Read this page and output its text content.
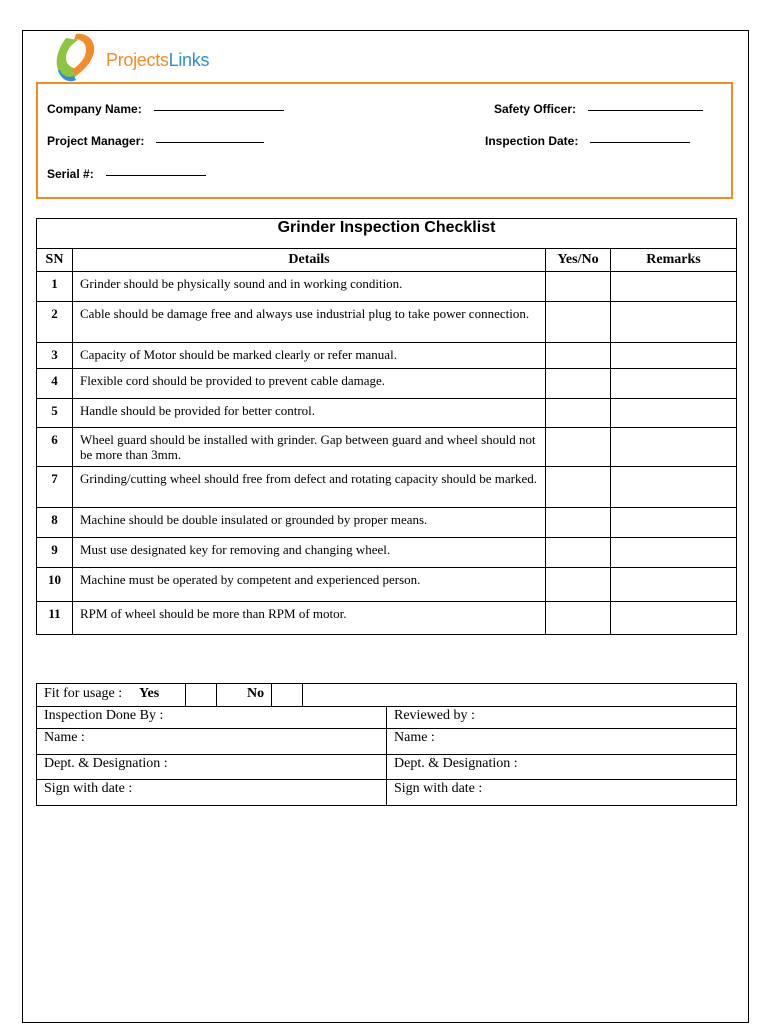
ProjectsLinks
Company Name:	Safety Officer:
Project Manager:	Inspection Date:
Serial #:
Grinder Inspection Checklist			
SN	Details	Yes/No	Remarks
1	Grinder should be physically sound and in working condition.		
2	Cable should be damage free and always use industrial plug to take power connection.		
3	Capacity of Motor should be marked clearly or refer manual.		
4	Flexible cord should be provided to prevent cable damage.		
5	Handle should be provided for better control.		
6	Wheel guard should be installed with grinder. Gap between guard and wheel should not be more than 3mm.		
7	Grinding/cutting wheel should free from defect and rotating capacity should be marked.		
8	Machine should be double insulated or grounded by proper means.		
9	Must use designated key for removing and changing wheel.		
10	Machine must be operated by competent and experienced person.		
11	RPM of wheel should be more than RPM of motor.		
Fit for usage : Yes No	

Inspection Done By :	Reviewed by :
Name :	Name :
Dept. & Designation :	Dept. & Designation :
Sign with date :	Sign with date :
